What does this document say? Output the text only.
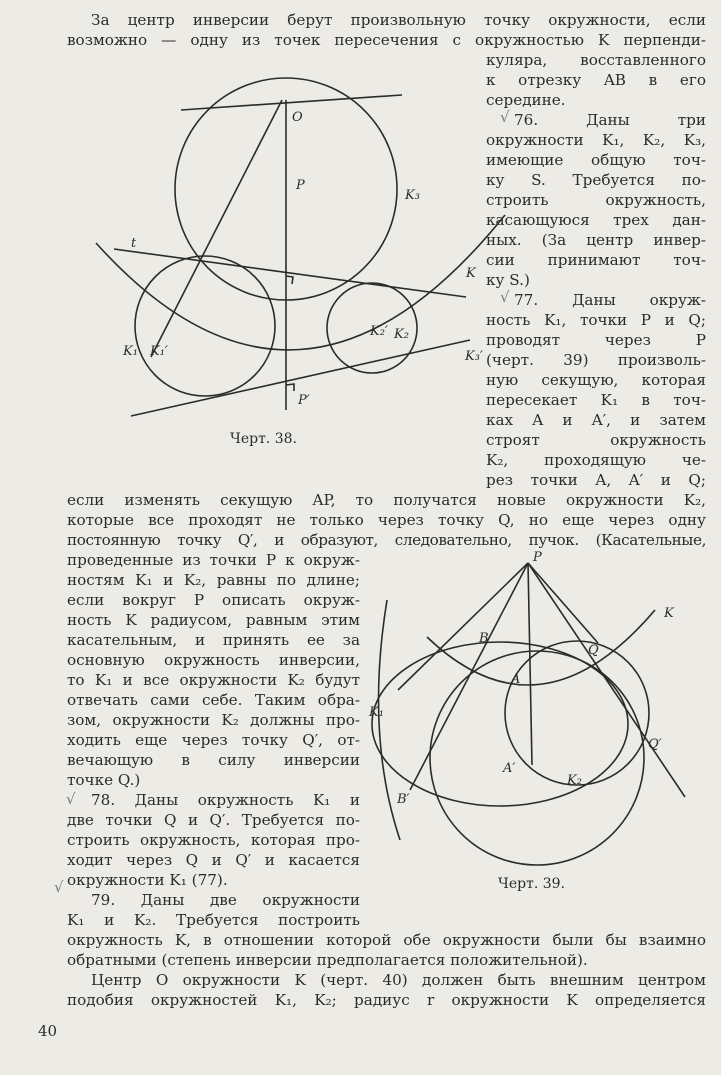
За центр инверсии берут произвольную точку окружности, если
возможно — одну из точек пересечения с окружностью K перпенди-
куляра, восставленного
к отрезку AB в его
середине.
76. Даны три
окружности K₁, K₂, K₃,
имеющие общую точ-
ку S. Требуется по-
строить окружность,
касающуюся трех дан-
ных. (За центр инвер-
сии принимают точ-
ку S.)
77. Даны окруж-
ность K₁, точки P и Q;
проводят через P
(черт. 39) произволь-
ную секущую, которая
пересекает K₁ в точ-
ках A и A′, и затем
строят окружность
K₂, проходящую че-
рез точки A, A′ и Q;
если изменять секущую AP, то получатся новые окружности K₂,
которые все проходят не только через точку Q, но еще через одну
постоянную точку Q′, и образуют, следовательно, пучок. (Касательные,
проведенные из точки P к окруж-
ностям K₁ и K₂, равны по длине;
если вокруг P описать окруж-
ность K радиусом, равным этим
касательным, и принять ее за
основную окружность инверсии,
то K₁ и все окружности K₂ будут
отвечать сами себе. Таким обра-
зом, окружности K₂ должны про-
ходить еще через точку Q′, от-
вечающую в силу инверсии
точке Q.)
78. Даны окружность K₁ и
две точки Q и Q′. Требуется по-
строить окружность, которая про-
ходит через Q и Q′ и касается
окружности K₁ (77).
79. Даны две окружности
K₁ и K₂. Требуется построить
окружность K, в отношении которой обе окружности были бы взаимно
обратными (степень инверсии предполагается положительной).
Центр O окружности K (черт. 40) должен быть внешним центром
подобия окружностей K₁, K₂; радиус r окружности K определяется
40
√
√
√
√
O
P
K₃
t
K
K₁ K₁′
K₂′ K₂
K₃′
P′
Черт. 38.
P
K
B
Q
A
Q′
K₁
A′
K₂
B′
Черт. 39.
